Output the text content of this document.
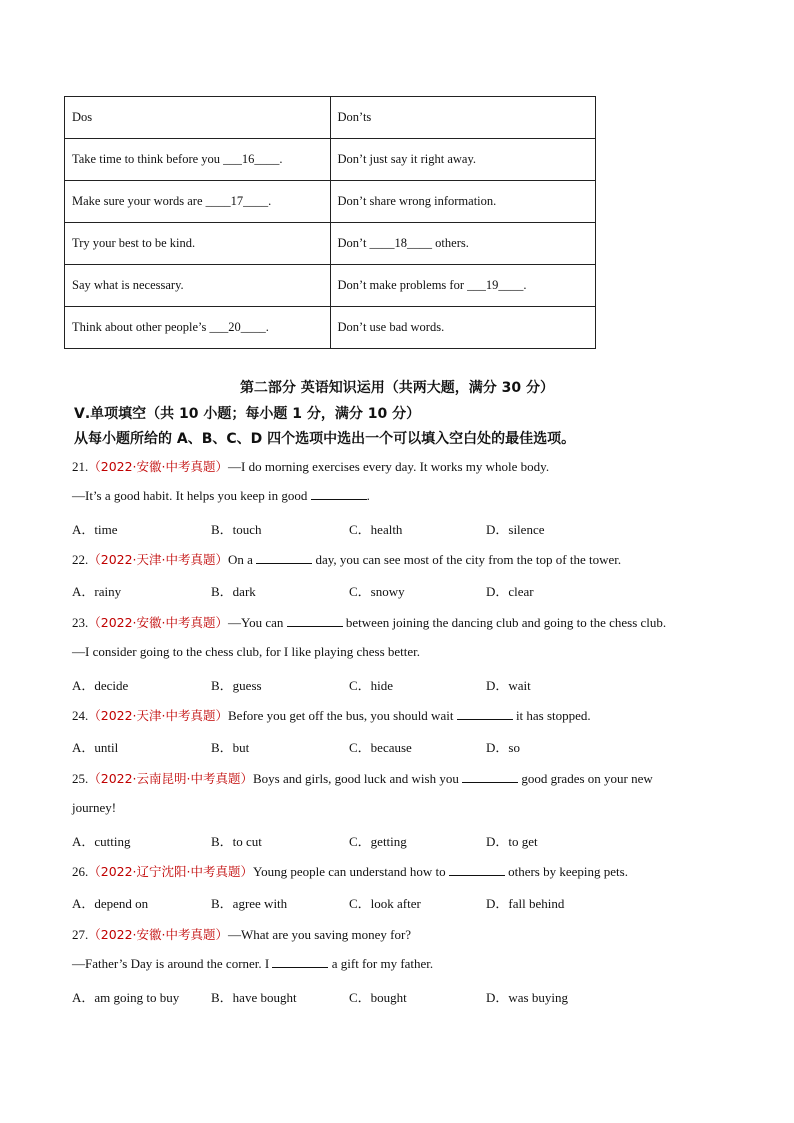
Dos	Don’ts
Take time to think before you ___16____.	Don’t just say it right away.
Make sure your words are ____17____.	Don’t share wrong information.
Try your best to be kind.	Don’t ____18____ others.
Say what is necessary.	Don’t make problems for ___19____.
Think about other people’s ___20____.	Don’t use bad words.
第二部分 英语知识运用（共两大题，满分 30 分）
Ⅴ.单项填空（共 10 小题；每小题 1 分，满分 10 分）
从每小题所给的 A、B、C、D 四个选项中选出一个可以填入空白处的最佳选项。
21.（2022·安徽·中考真题）—I do morning exercises every day. It works my whole body.
—It’s a good habit. It helps you keep in good	.
A．time	B．touch	C．health	D．silence
22.（2022·天津·中考真题）On a	day, you can see most of the city from the top of the tower.
A．rainy	B．dark	C．snowy	D．clear
23.（2022·安徽·中考真题）—You can	between joining the dancing club and going to the chess club.
—I consider going to the chess club, for I like playing chess better.
A．decide	B．guess	C．hide	D．wait
24.（2022·天津·中考真题）Before you get off the bus, you should wait	it has stopped.
A．until	B．but	C．because	D．so
25.（2022·云南昆明·中考真题）Boys and girls, good luck and wish you	good grades on your new
journey!
A．cutting	B．to cut	C．getting	D．to get
26.（2022·辽宁沈阳·中考真题）Young people can understand how to	others by keeping pets.
A．depend on	B．agree with	C．look after	D．fall behind
27.（2022·安徽·中考真题）—What are you saving money for?
—Father’s Day is around the corner. I	a gift for my father.
A．am going to buy B．have bought	C．bought	D．was buying
